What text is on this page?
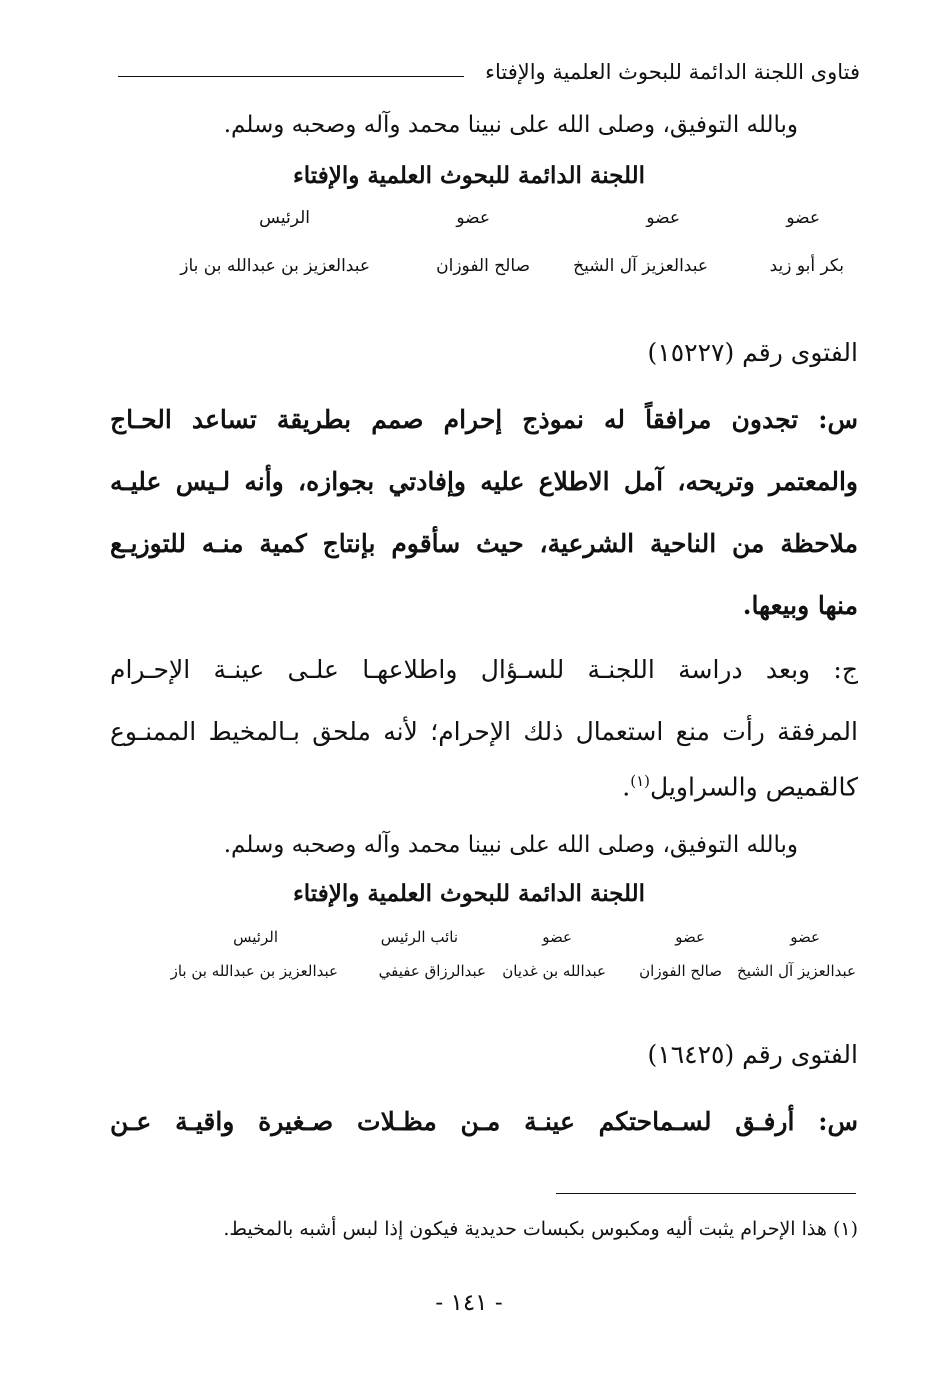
فتاوى اللجنة الدائمة للبحوث العلمية والإفتاء
وبالله التوفيق، وصلى الله على نبينا محمد وآله وصحبه وسلم.
اللجنة الدائمة للبحوث العلمية والإفتاء
عضو
عضو
عضو
الرئيس
بكر أبو زيد
عبدالعزيز آل الشيخ
صالح الفوزان
عبدالعزيز بن عبدالله بن باز
الفتوى رقم (١٥٢٢٧)
س: تجدون مرافقاً له نموذج إحرام صمم بطريقة تساعد الحـاج
والمعتمر وتريحه، آمل الاطلاع عليه وإفادتي بجوازه، وأنه لـيس عليـه
ملاحظة من الناحية الشرعية، حيث سأقوم بإنتاج كمية منـه للتوزيـع
منها وبيعها.
ج: وبعد دراسة اللجنـة للسـؤال واطلاعهـا علـى عينـة الإحـرام
المرفقة رأت منع استعمال ذلك الإحرام؛ لأنه ملحق بـالمخيط الممنـوع
كالقميص والسراويل$^{(١)}$.
وبالله التوفيق، وصلى الله على نبينا محمد وآله وصحبه وسلم.
اللجنة الدائمة للبحوث العلمية والإفتاء
عضو
عضو
عضو
نائب الرئيس
الرئيس
عبدالعزيز آل الشيخ
صالح الفوزان
عبدالله بن غديان
عبدالرزاق عفيفي
عبدالعزيز بن عبدالله بن باز
الفتوى رقم (١٦٤٢٥)
س: أرفـق لسـماحتكم عينـة مـن مظـلات صـغيرة واقيـة عـن
(١) هذا الإحرام يثبت أليه ومكبوس بكبسات حديدية فيكون إذا لبس أشبه بالمخيط.
- ١٤١ -
